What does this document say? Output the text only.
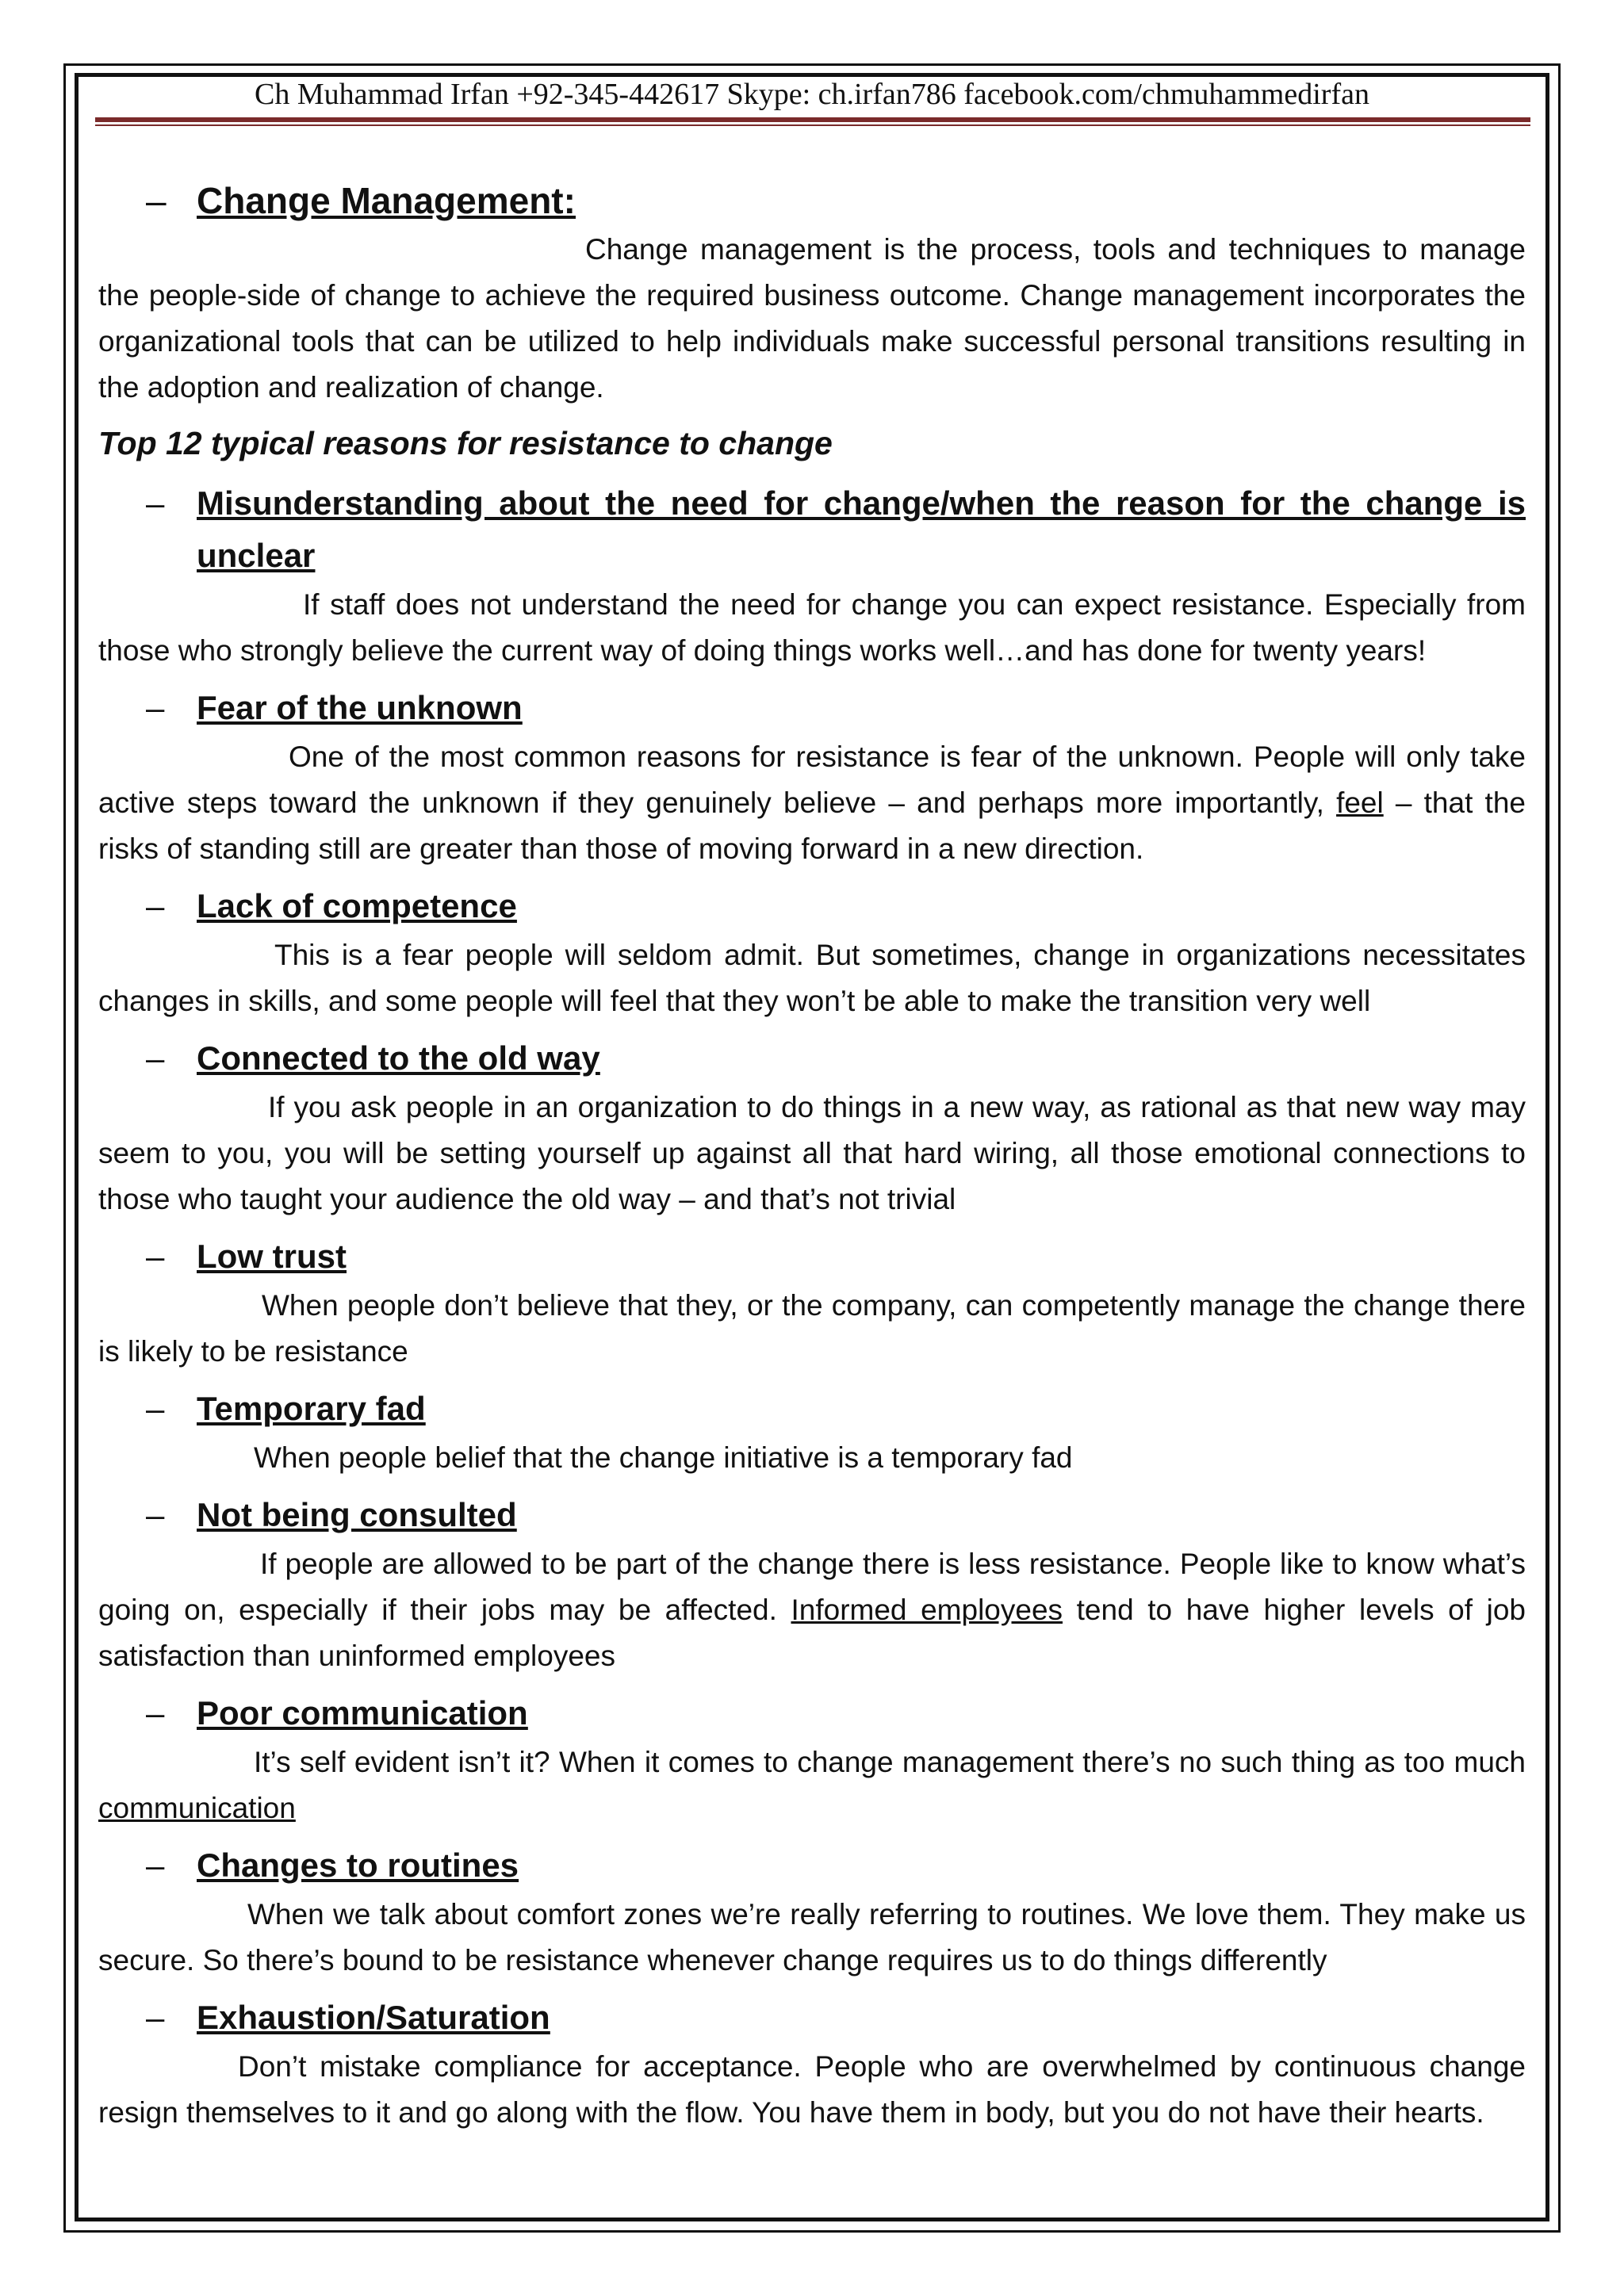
Ch Muhammad Irfan +92-345-442617 Skype: ch.irfan786 facebook.com/chmuhammedirfan
– Change Management:

Change management is the process, tools and techniques to manage the people-side of change to achieve the required business outcome. Change management incorporates the organizational tools that can be utilized to help individuals make successful personal transitions resulting in the adoption and realization of change.

Top 12 typical reasons for resistance to change
– Misunderstanding about the need for change/when the reason for the change is unclear

If staff does not understand the need for change you can expect resistance. Especially from those who strongly believe the current way of doing things works well…and has done for twenty years!

– Fear of the unknown

One of the most common reasons for resistance is fear of the unknown. People will only take active steps toward the unknown if they genuinely believe – and perhaps more importantly, feel – that the risks of standing still are greater than those of moving forward in a new direction.

– Lack of competence

This is a fear people will seldom admit. But sometimes, change in organizations necessitates changes in skills, and some people will feel that they won’t be able to make the transition very well

– Connected to the old way

If you ask people in an organization to do things in a new way, as rational as that new way may seem to you, you will be setting yourself up against all that hard wiring, all those emotional connections to those who taught your audience the old way – and that’s not trivial

– Low trust

When people don’t believe that they, or the company, can competently manage the change there is likely to be resistance

– Temporary fad

When people belief that the change initiative is a temporary fad

– Not being consulted

If people are allowed to be part of the change there is less resistance. People like to know what’s going on, especially if their jobs may be affected. Informed employees tend to have higher levels of job satisfaction than uninformed employees

– Poor communication

It’s self evident isn’t it? When it comes to change management there’s no such thing as too much communication

– Changes to routines

When we talk about comfort zones we’re really referring to routines. We love them. They make us secure. So there’s bound to be resistance whenever change requires us to do things differently

– Exhaustion/Saturation

Don’t mistake compliance for acceptance. People who are overwhelmed by continuous change resign themselves to it and go along with the flow. You have them in body, but you do not have their hearts.
